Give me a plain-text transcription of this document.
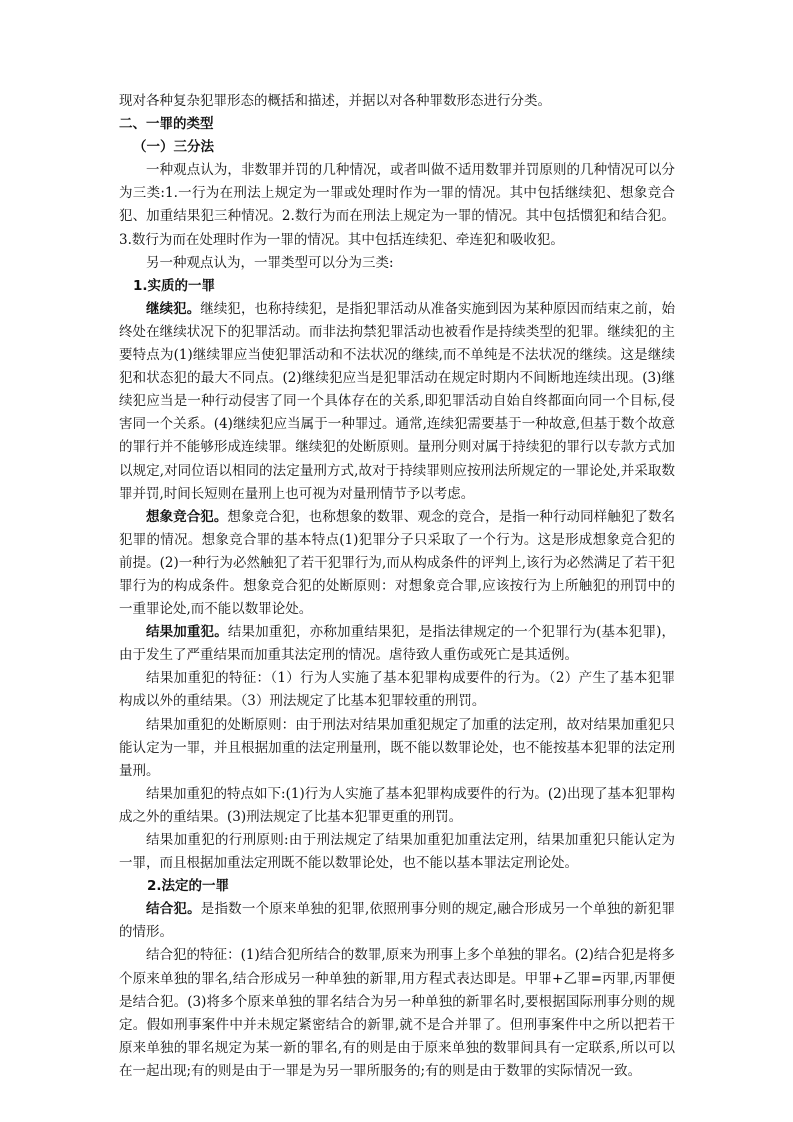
现对各种复杂犯罪形态的概括和描述，并据以对各种罪数形态进行分类。

二、一罪的类型

（一）三分法

一种观点认为，非数罪并罚的几种情况，或者叫做不适用数罪并罚原则的几种情况可以分为三类:1.一行为在刑法上规定为一罪或处理时作为一罪的情况。其中包括继续犯、想象竞合犯、加重结果犯三种情况。2.数行为而在刑法上规定为一罪的情况。其中包括惯犯和结合犯。3.数行为而在处理时作为一罪的情况。其中包括连续犯、牵连犯和吸收犯。

另一种观点认为，一罪类型可以分为三类:

1.实质的一罪

继续犯。继续犯，也称持续犯，是指犯罪活动从准备实施到因为某种原因而结束之前，始终处在继续状况下的犯罪活动。而非法拘禁犯罪活动也被看作是持续类型的犯罪。继续犯的主要特点为(1)继续罪应当使犯罪活动和不法状况的继续,而不单纯是不法状况的继续。这是继续犯和状态犯的最大不同点。(2)继续犯应当是犯罪活动在规定时期内不间断地连续出现。(3)继续犯应当是一种行动侵害了同一个具体存在的关系,即犯罪活动自始自终都面向同一个目标,侵害同一个关系。(4)继续犯应当属于一种罪过。通常,连续犯需要基于一种故意,但基于数个故意的罪行并不能够形成连续罪。继续犯的处断原则。量刑分则对属于持续犯的罪行以专款方式加以规定,对同位语以相同的法定量刑方式,故对于持续罪则应按刑法所规定的一罪论处,并采取数罪并罚,时间长短则在量刑上也可视为对量刑情节予以考虑。

想象竞合犯。想象竞合犯，也称想象的数罪、观念的竞合，是指一种行动同样触犯了数名犯罪的情况。想象竞合罪的基本特点(1)犯罪分子只采取了一个行为。这是形成想象竞合犯的前提。(2)一种行为必然触犯了若干犯罪行为,而从构成条件的评判上,该行为必然满足了若干犯罪行为的构成条件。想象竞合犯的处断原则：对想象竞合罪,应该按行为上所触犯的刑罚中的一重罪论处,而不能以数罪论处。

结果加重犯。结果加重犯，亦称加重结果犯，是指法律规定的一个犯罪行为(基本犯罪)，由于发生了严重结果而加重其法定刑的情况。虐待致人重伤或死亡是其适例。

结果加重犯的特征：（1）行为人实施了基本犯罪构成要件的行为。（2）产生了基本犯罪构成以外的重结果。（3）刑法规定了比基本犯罪较重的刑罚。

结果加重犯的处断原则：由于刑法对结果加重犯规定了加重的法定刑，故对结果加重犯只能认定为一罪，并且根据加重的法定刑量刑，既不能以数罪论处，也不能按基本犯罪的法定刑量刑。

结果加重犯的特点如下:(1)行为人实施了基本犯罪构成要件的行为。(2)出现了基本犯罪构成之外的重结果。(3)刑法规定了比基本犯罪更重的刑罚。

结果加重犯的行刑原则:由于刑法规定了结果加重犯加重法定刑，结果加重犯只能认定为一罪，而且根据加重法定刑既不能以数罪论处，也不能以基本罪法定刑论处。

2.法定的一罪

结合犯。是指数一个原来单独的犯罪,依照刑事分则的规定,融合形成另一个单独的新犯罪的情形。

结合犯的特征：(1)结合犯所结合的数罪,原来为刑事上多个单独的罪名。(2)结合犯是将多个原来单独的罪名,结合形成另一种单独的新罪,用方程式表达即是。甲罪+乙罪=丙罪,丙罪便是结合犯。(3)将多个原来单独的罪名结合为另一种单独的新罪名时,要根据国际刑事分则的规定。假如刑事案件中并未规定紧密结合的新罪,就不是合并罪了。但刑事案件中之所以把若干原来单独的罪名规定为某一新的罪名,有的则是由于原来单独的数罪间具有一定联系,所以可以在一起出现;有的则是由于一罪是为另一罪所服务的;有的则是由于数罪的实际情况一致。
